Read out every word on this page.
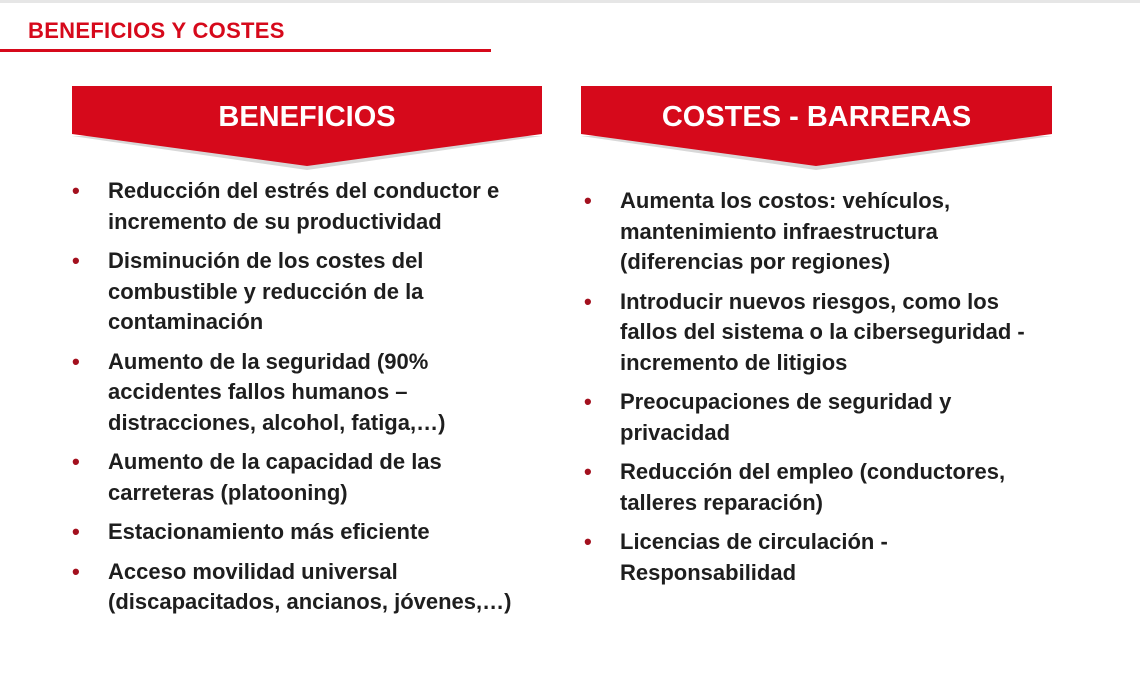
BENEFICIOS Y COSTES
BENEFICIOS	COSTES - BARRERAS
• Reducción del estrés del conductor e incremento de su productividad
• Disminución de los costes del combustible y reducción de la contaminación
• Aumento de la seguridad (90% accidentes fallos humanos – distracciones, alcohol, fatiga,…)
• Aumento de la capacidad de las carreteras (platooning)
• Estacionamiento más eficiente
• Acceso movilidad universal (discapacitados, ancianos, jóvenes,…)
• Aumenta los costos: vehículos, mantenimiento infraestructura (diferencias por regiones)
• Introducir nuevos riesgos, como los fallos del sistema o la ciberseguridad - incremento de litigios
• Preocupaciones de seguridad y privacidad
• Reducción del empleo (conductores, talleres reparación)
• Licencias de circulación - Responsabilidad
